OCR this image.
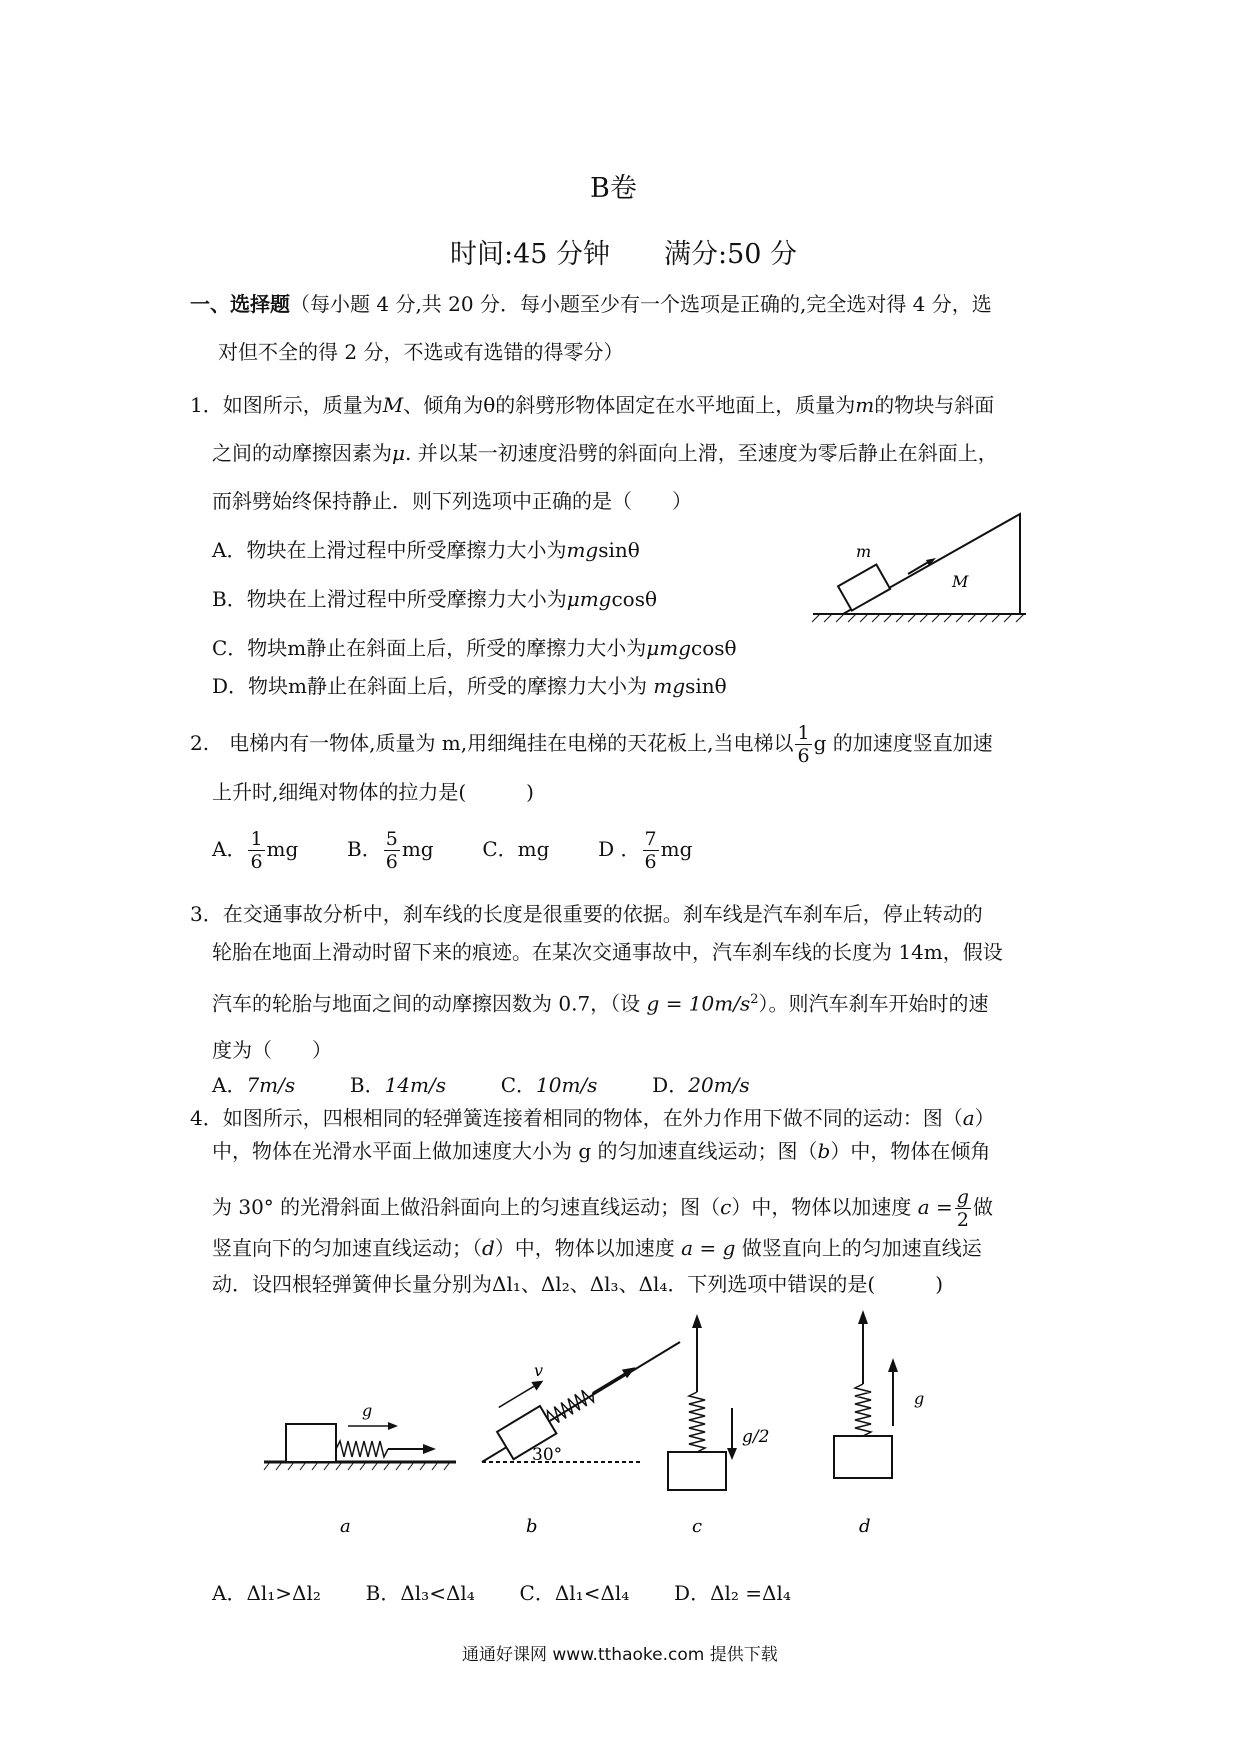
B卷
时间:45 分钟 满分:50 分
一、选择题（每小题 4 分,共 20 分．每小题至少有一个选项是正确的,完全选对得 4 分，选
对但不全的得 2 分，不选或有选错的得零分）
1．如图所示，质量为M、倾角为θ的斜劈形物体固定在水平地面上，质量为m的物块与斜面
之间的动摩擦因素为μ. 并以某一初速度沿劈的斜面向上滑，至速度为零后静止在斜面上，
而斜劈始终保持静止．则下列选项中正确的是（　　）
A．物块在上滑过程中所受摩擦力大小为mgsinθ
B．物块在上滑过程中所受摩擦力大小为μmgcosθ
C．物块m静止在斜面上后，所受的摩擦力大小为μmgcosθ
D．物块m静止在斜面上后，所受的摩擦力大小为 mgsinθ
m
M
2.　电梯内有一物体,质量为 m,用细绳挂在电梯的天花板上,当电梯以 $\frac{1}{6}$ g 的加速度竖直加速
上升时,细绳对物体的拉力是(　　　)
A． $\frac{1}{6}$ mg B． $\frac{5}{6}$ mg C．mg D ． $\frac{7}{6}$ mg
3．在交通事故分析中，刹车线的长度是很重要的依据。刹车线是汽车刹车后，停止转动的
轮胎在地面上滑动时留下来的痕迹。在某次交通事故中，汽车刹车线的长度为 14m，假设
汽车的轮胎与地面之间的动摩擦因数为 0.7，（设 $g = 10m/s^2$）。则汽车刹车开始时的速
度为（　　）
A．7m/s	B．14m/s	C．10m/s	D．20m/s
4．如图所示，四根相同的轻弹簧连接着相同的物体，在外力作用下做不同的运动：图（a）
中，物体在光滑水平面上做加速度大小为 g 的匀加速直线运动；图（b）中，物体在倾角
为 30° 的光滑斜面上做沿斜面向上的匀速直线运动；图（c）中，物体以加速度 $a = \frac{g}{2}$ 做
竖直向下的匀加速直线运动；（d）中，物体以加速度 a = g 做竖直向上的匀加速直线运
动．设四根轻弹簧伸长量分别为Δl₁、Δl₂、Δl₃、Δl₄．下列选项中错误的是(　　　)
g
a
v
30°
b
g/2
c
g
d
A．Δl₁>Δl₂ B．Δl₃<Δl₄ C．Δl₁<Δl₄ D．Δl₂ =Δl₄
通通好课网 www.tthaoke.com 提供下载
